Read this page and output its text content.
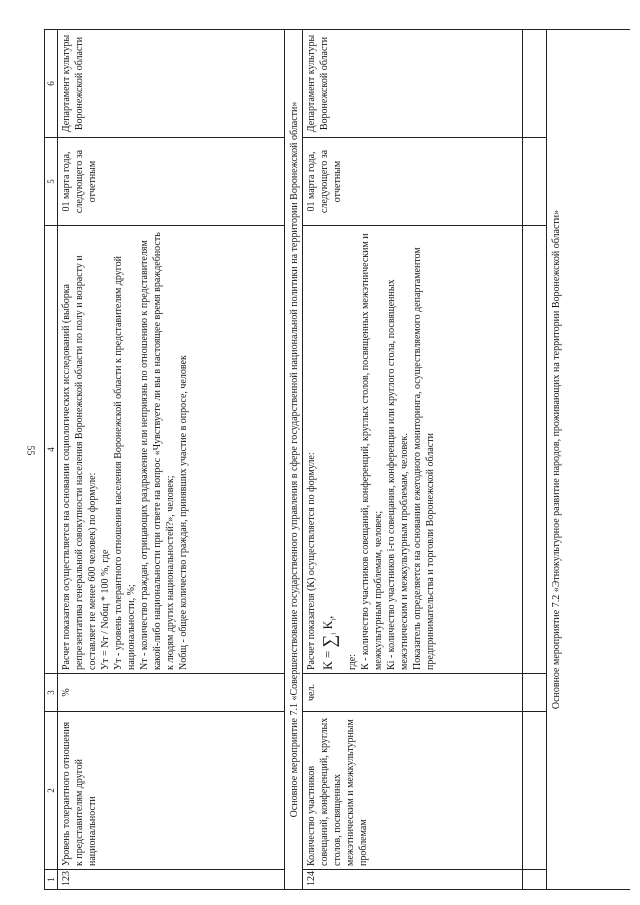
55
1
2
3
4
5
6
123
Уровень толерантного отношения к представителям другой национальности
%

Расчет показателя осуществляется на основании социологических исследований (выборка репрезентатива генеральной совокупности населения Воронежской области по полу и возрасту и составляет не менее 600 человек) по формуле: Ут = Nт / Nобщ * 100 %, где Ут - уровень толерантного отношения населения Воронежской области к представителям другой национальности, %; Nт - количество граждан, отрицающих раздражение или неприязнь по отношению к представителям какой-либо национальности при ответе на вопрос «Чувствуете ли вы в настоящее время враждебность к людям других национальностей?», человек; Nобщ - общее количество граждан, принявших участие в опросе, человек

01 марта года, следующего за отчетным
Департамент культуры Воронежской области
Основное мероприятие 7.1 «Совершенствование государственного управления в сфере государственной национальной политики на территории Воронежской области»
124
Количество участников совещаний, конференций, круглых столов, посвященных межэтническим и межкультурным проблемам
чел.

Расчет показателя (К) осуществляется по формуле: $К = \sum_i$ $К_i$,

где: К - количество участников совещаний, конференций, круглых столов, посвященных межэтническим и межкультурным проблемам, человек; Кi - количество участников i-го совещания, конференции или круглого стола, посвященных межэтническим и межкультурным проблемам, человек. Показатель определяется на основании ежегодного мониторинга, осуществляемого департаментом предпринимательства и торговли Воронежской области

01 марта года, следующего за отчетным
Департамент культуры Воронежской области
Основное мероприятие 7.2 «Этнокультурное развитие народов, проживающих на территории Воронежской области»
